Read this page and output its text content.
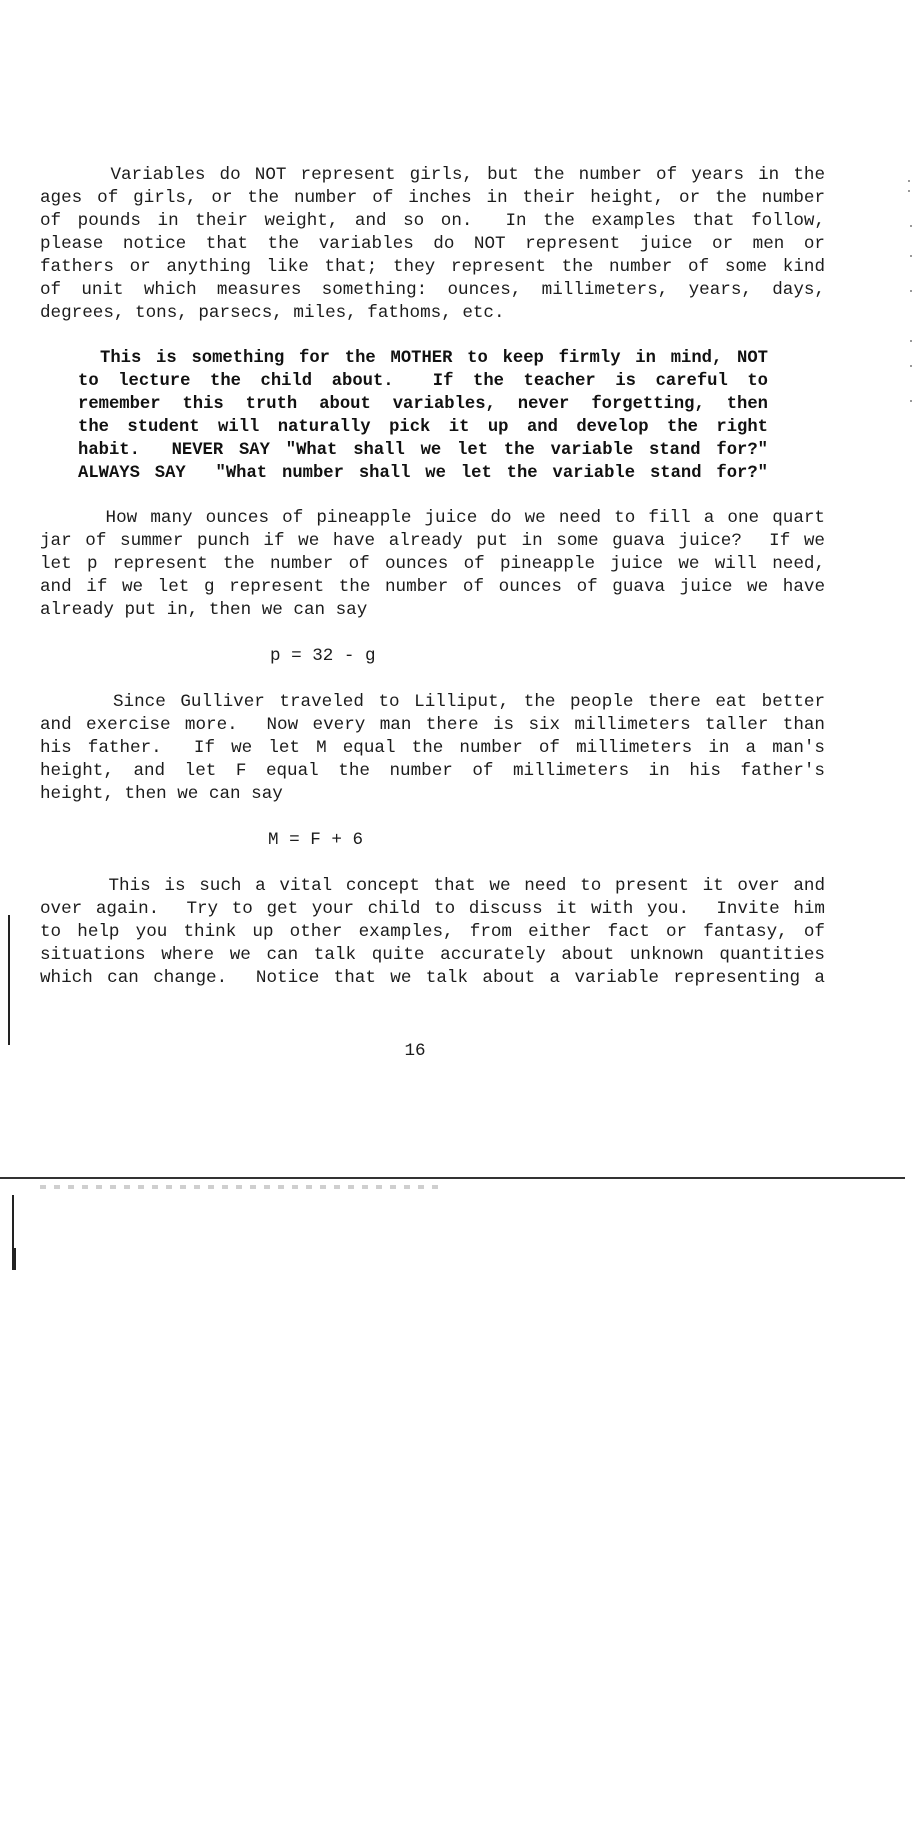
Variables do NOT represent girls, but the number of years in the
ages of girls, or the number of inches in their height, or the number
of pounds in their weight, and so on.  In the examples that follow,
please notice that the variables do NOT represent juice or men or
fathers or anything like that; they represent the number of some kind
of unit which measures something: ounces, millimeters, years, days,
degrees, tons, parsecs, miles, fathoms, etc.
This is something for the MOTHER to keep firmly in mind, NOT
to lecture the child about.  If the teacher is careful to
remember this truth about variables, never forgetting, then
the student will naturally pick it up and develop the right
habit.  NEVER SAY "What shall we let the variable stand for?"
ALWAYS SAY  "What number shall we let the variable stand for?"
How many ounces of pineapple juice do we need to fill a one quart
jar of summer punch if we have already put in some guava juice?  If we
let p represent the number of ounces of pineapple juice we will need,
and if we let g represent the number of ounces of guava juice we have
already put in, then we can say
p = 32 - g
Since Gulliver traveled to Lilliput, the people there eat better
and exercise more.  Now every man there is six millimeters taller than
his father.  If we let M equal the number of millimeters in a man's
height, and let F equal the number of millimeters in his father's
height, then we can say
M = F + 6
This is such a vital concept that we need to present it over and
over again.  Try to get your child to discuss it with you.  Invite him
to help you think up other examples, from either fact or fantasy, of
situations where we can talk quite accurately about unknown quantities
which can change.  Notice that we talk about a variable representing a
16
